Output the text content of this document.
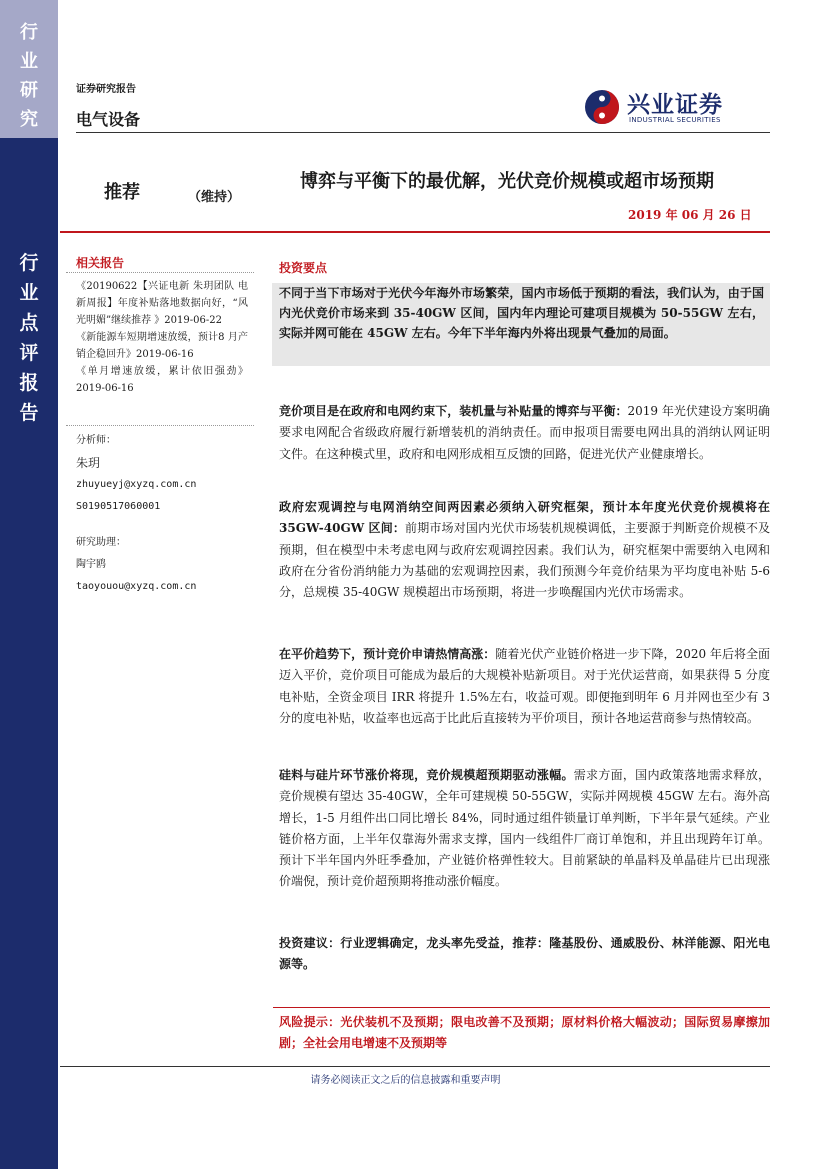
行
业
研
究
行
业
点
评
报
告
证券研究报告
电气设备
兴业证券
INDUSTRIAL SECURITIES
推荐	（维持）
博弈与平衡下的最优解，光伏竞价规模或超市场预期
2019 年 06 月 26 日
相关报告
《20190622【兴证电新 朱玥团队 电新周报】年度补贴落地数据向好，“风光明媚”继续推荐 》2019-06-22
《新能源车短期增速放缓，预计8 月产销企稳回升》2019-06-16
《单月增速放缓，累计依旧强劲》2019-06-16
分析师：
朱玥
zhuyueyj@xyzq.com.cn
S0190517060001
研究助理：
陶宇鸥
taoyouou@xyzq.com.cn
投资要点
不同于当下市场对于光伏今年海外市场繁荣，国内市场低于预期的看法，我们认为，由于国内光伏竞价市场来到 35-40GW 区间，国内年内理论可建项目规模为 50-55GW 左右，实际并网可能在 45GW 左右。今年下半年海内外将出现景气叠加的局面。
竞价项目是在政府和电网约束下，装机量与补贴量的博弈与平衡：2019 年光伏建设方案明确要求电网配合省级政府履行新增装机的消纳责任。而申报项目需要电网出具的消纳认网证明文件。在这种模式里，政府和电网形成相互反馈的回路，促进光伏产业健康增长。
政府宏观调控与电网消纳空间两因素必须纳入研究框架，预计本年度光伏竞价规模将在 35GW-40GW 区间：前期市场对国内光伏市场装机规模调低，主要源于判断竞价规模不及预期，但在模型中未考虑电网与政府宏观调控因素。我们认为，研究框架中需要纳入电网和政府在分省份消纳能力为基础的宏观调控因素，我们预测今年竞价结果为平均度电补贴 5-6 分，总规模 35-40GW 规模超出市场预期，将进一步唤醒国内光伏市场需求。
在平价趋势下，预计竞价申请热情高涨：随着光伏产业链价格进一步下降，2020 年后将全面迈入平价，竞价项目可能成为最后的大规模补贴新项目。对于光伏运营商，如果获得 5 分度电补贴，全资金项目 IRR 将提升 1.5%左右，收益可观。即便拖到明年 6 月并网也至少有 3 分的度电补贴，收益率也远高于比此后直接转为平价项目，预计各地运营商参与热情较高。
硅料与硅片环节涨价将现，竞价规模超预期驱动涨幅。需求方面，国内政策落地需求释放，竞价规模有望达 35-40GW，全年可建规模 50-55GW，实际并网规模 45GW 左右。海外高增长，1-5 月组件出口同比增长 84%，同时通过组件锁量订单判断，下半年景气延续。产业链价格方面，上半年仅靠海外需求支撑，国内一线组件厂商订单饱和，并且出现跨年订单。预计下半年国内外旺季叠加，产业链价格弹性较大。目前紧缺的单晶料及单晶硅片已出现涨价端倪，预计竞价超预期将推动涨价幅度。
投资建议：行业逻辑确定，龙头率先受益，推荐：隆基股份、通威股份、林洋能源、阳光电源等。
风险提示：光伏装机不及预期；限电改善不及预期；原材料价格大幅波动；国际贸易摩擦加剧；全社会用电增速不及预期等
请务必阅读正文之后的信息披露和重要声明
